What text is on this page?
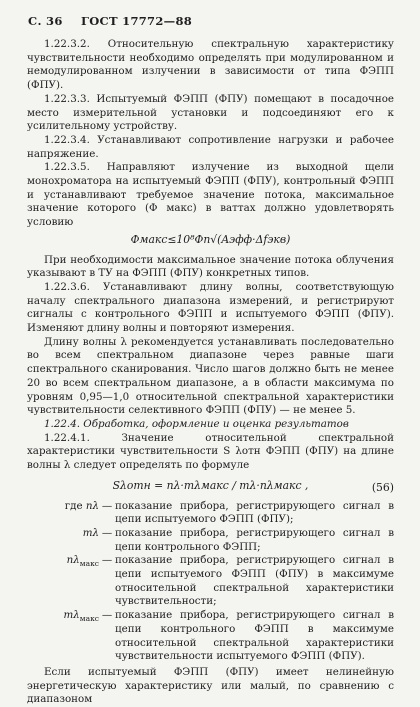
С. 36 ГОСТ 17772—88

1.22.3.2. Относительную спектральную характеристику чувствительности необходимо определять при модулированном и немодулированном излучении в зависимости от типа ФЭПП (ФПУ).

1.22.3.3. Испытуемый ФЭПП (ФПУ) помещают в посадочное место измерительной установки и подсоединяют его к усилительному устройству.

1.22.3.4. Устанавливают сопротивление нагрузки и рабочее напряжение.

1.22.3.5. Направляют излучение из выходной щели монохроматора на испытуемый ФЭПП (ФПУ), контрольный ФЭПП и устанавливают требуемое значение потока, максимальное значение которого (Φ макс) в ваттах должно удовлетворять условию

Φмакс≤10⁸Φп√(Aэфф·Δfэкв)

При необходимости максимальное значение потока облучения указывают в ТУ на ФЭПП (ФПУ) конкретных типов.

1.22.3.6. Устанавливают длину волны, соответствующую началу спектрального диапазона измерений, и регистрируют сигналы с контрольного ФЭПП и испытуемого ФЭПП (ФПУ). Изменяют длину волны и повторяют измерения.

Длину волны λ рекомендуется устанавливать последовательно во всем спектральном диапазоне через равные шаги спектрального сканирования. Число шагов должно быть не менее 20 во всем спектральном диапазоне, а в области максимума по уровням 0,95—1,0 относительной спектральной характеристики чувствительности селективного ФЭПП (ФПУ) — не менее 5.

1.22.4. Обработка, оформление и оценка результатов

1.22.4.1. Значение относительной спектральной характеристики чувствительности S λотн ФЭПП (ФПУ) на длине волны λ следует определять по формуле

Sλотн = nλ·mλмакс / mλ·nλмакс ,	(56)
где nλ — показание прибора, регистрирующего сигнал в цепи испытуемого ФЭПП (ФПУ);
mλ — показание прибора, регистрирующего сигнал в цепи контрольного ФЭПП;
$n\lambda_{макс}$ — показание прибора, регистрирующего сигнал в цепи испытуемого ФЭПП (ФПУ) в максимуме относительной спектральной характеристики чувствительности;
$m\lambda_{макс}$ — показание прибора, регистрирующего сигнал в цепи контрольного ФЭПП в максимуме относительной спектральной характеристики чувствительности испытуемого ФЭПП (ФПУ).

Если испытуемый ФЭПП (ФПУ) имеет нелинейную энергетическую характеристику или малый, по сравнению с диапазоном
